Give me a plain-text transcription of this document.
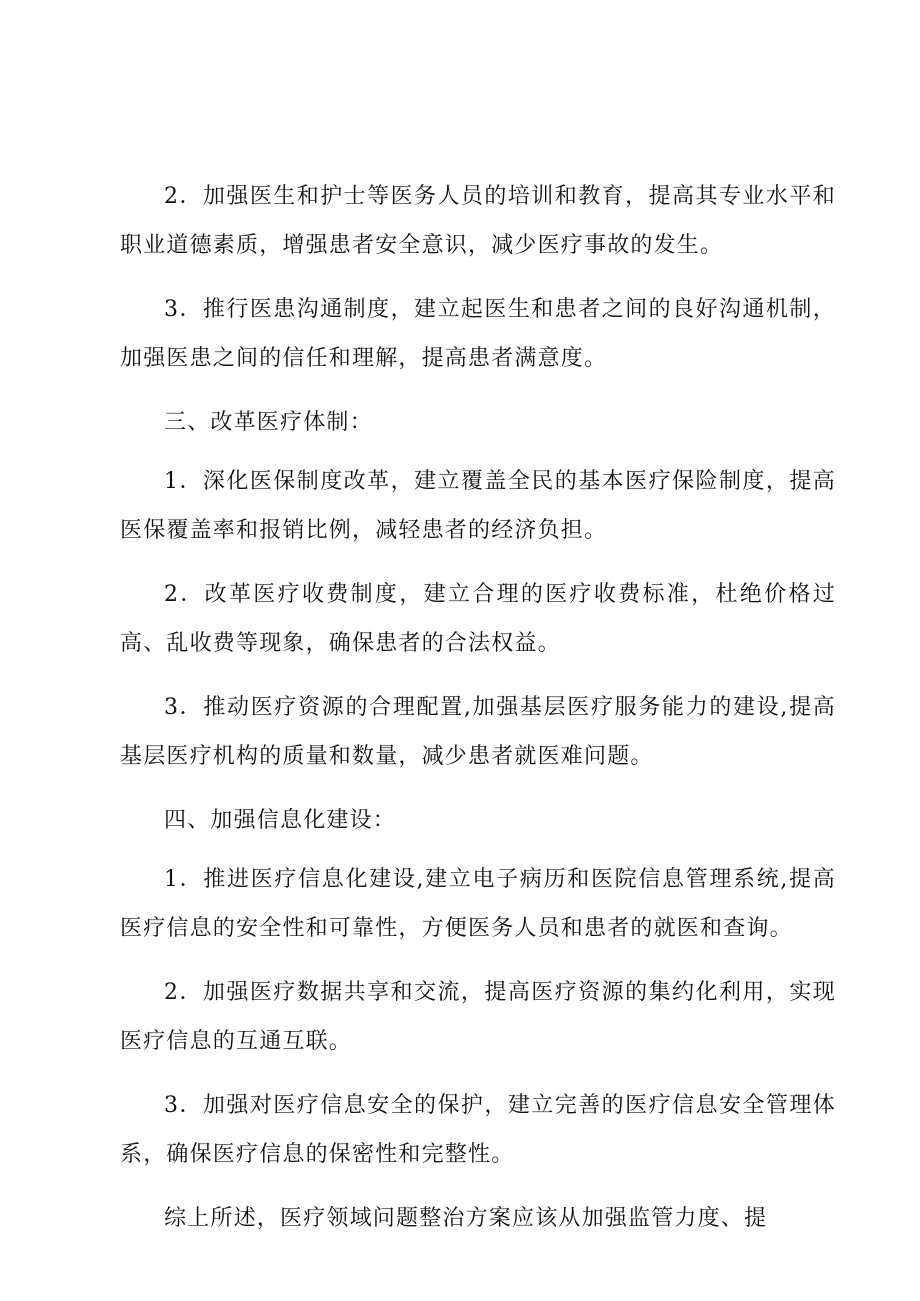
2．加强医生和护士等医务人员的培训和教育，提高其专业水平和职业道德素质，增强患者安全意识，减少医疗事故的发生。

3．推行医患沟通制度，建立起医生和患者之间的良好沟通机制，加强医患之间的信任和理解，提高患者满意度。

三、改革医疗体制：

1．深化医保制度改革，建立覆盖全民的基本医疗保险制度，提高医保覆盖率和报销比例，减轻患者的经济负担。

2．改革医疗收费制度，建立合理的医疗收费标准，杜绝价格过高、乱收费等现象，确保患者的合法权益。

3．推动医疗资源的合理配置,加强基层医疗服务能力的建设,提高基层医疗机构的质量和数量，减少患者就医难问题。

四、加强信息化建设：

1．推进医疗信息化建设,建立电子病历和医院信息管理系统,提高医疗信息的安全性和可靠性，方便医务人员和患者的就医和查询。

2．加强医疗数据共享和交流，提高医疗资源的集约化利用，实现医疗信息的互通互联。

3．加强对医疗信息安全的保护，建立完善的医疗信息安全管理体系，确保医疗信息的保密性和完整性。

综上所述，医疗领域问题整治方案应该从加强监管力度、提
